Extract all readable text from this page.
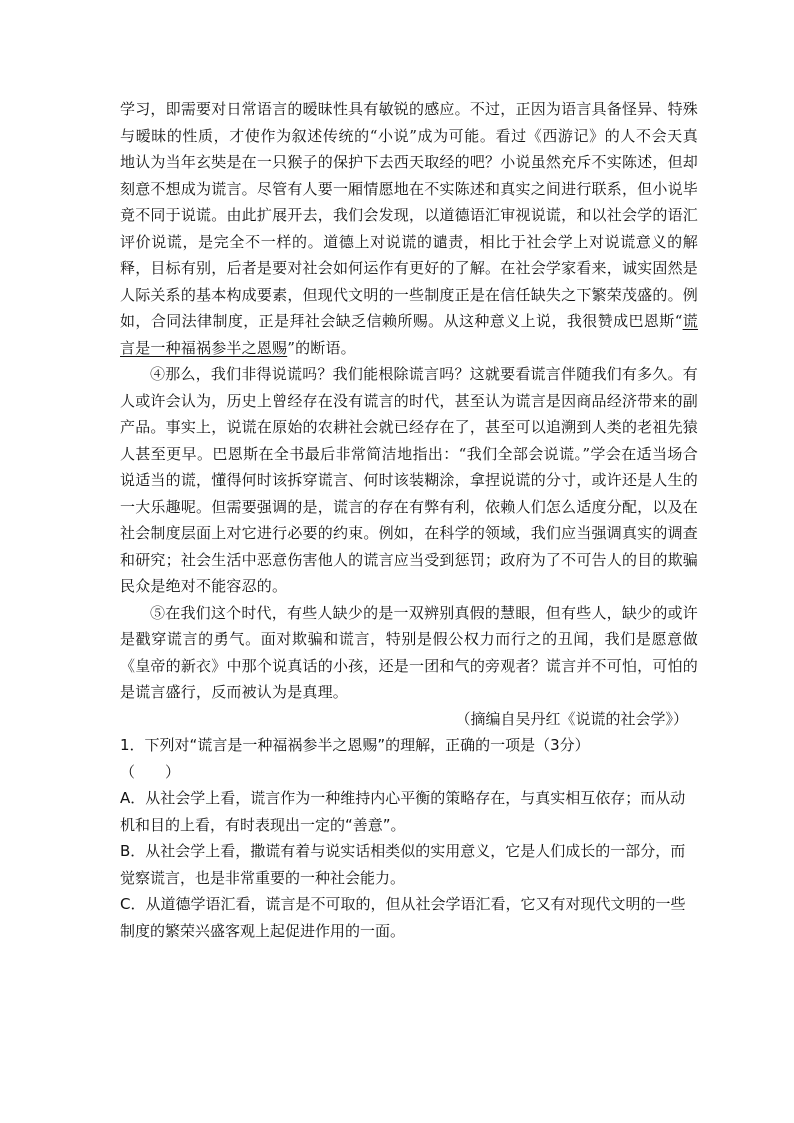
学习，即需要对日常语言的暧昧性具有敏锐的感应。不过，正因为语言具备怪异、特殊与暧昧的性质，才使作为叙述传统的“小说”成为可能。看过《西游记》的人不会天真地认为当年玄奘是在一只猴子的保护下去西天取经的吧？小说虽然充斥不实陈述，但却刻意不想成为谎言。尽管有人要一厢情愿地在不实陈述和真实之间进行联系，但小说毕竟不同于说谎。由此扩展开去，我们会发现，以道德语汇审视说谎，和以社会学的语汇评价说谎，是完全不一样的。道德上对说谎的谴责，相比于社会学上对说谎意义的解释，目标有别，后者是要对社会如何运作有更好的了解。在社会学家看来，诚实固然是人际关系的基本构成要素，但现代文明的一些制度正是在信任缺失之下繁荣茂盛的。例如，合同法律制度，正是拜社会缺乏信赖所赐。从这种意义上说，我很赞成巴恩斯“谎言是一种福祸参半之恩赐”的断语。

④那么，我们非得说谎吗？我们能根除谎言吗？这就要看谎言伴随我们有多久。有人或许会认为，历史上曾经存在没有谎言的时代，甚至认为谎言是因商品经济带来的副产品。事实上，说谎在原始的农耕社会就已经存在了，甚至可以追溯到人类的老祖先猿人甚至更早。巴恩斯在全书最后非常简洁地指出：“我们全部会说谎。”学会在适当场合说适当的谎，懂得何时该拆穿谎言、何时该装糊涂，拿捏说谎的分寸，或许还是人生的一大乐趣呢。但需要强调的是，谎言的存在有弊有利，依赖人们怎么适度分配，以及在社会制度层面上对它进行必要的约束。例如，在科学的领域，我们应当强调真实的调查和研究；社会生活中恶意伤害他人的谎言应当受到惩罚；政府为了不可告人的目的欺骗民众是绝对不能容忍的。

⑤在我们这个时代，有些人缺少的是一双辨别真假的慧眼，但有些人，缺少的或许是戳穿谎言的勇气。面对欺骗和谎言，特别是假公权力而行之的丑闻，我们是愿意做《皇帝的新衣》中那个说真话的小孩，还是一团和气的旁观者？谎言并不可怕，可怕的是谎言盛行，反而被认为是真理。

（摘编自吴丹红《说谎的社会学》）

1．下列对“谎言是一种福祸参半之恩赐”的理解，正确的一项是（3分）

（　　）

A．从社会学上看，谎言作为一种维持内心平衡的策略存在，与真实相互依存；而从动机和目的上看，有时表现出一定的“善意”。

B．从社会学上看，撒谎有着与说实话相类似的实用意义，它是人们成长的一部分，而觉察谎言，也是非常重要的一种社会能力。

C．从道德学语汇看，谎言是不可取的，但从社会学语汇看，它又有对现代文明的一些制度的繁荣兴盛客观上起促进作用的一面。
